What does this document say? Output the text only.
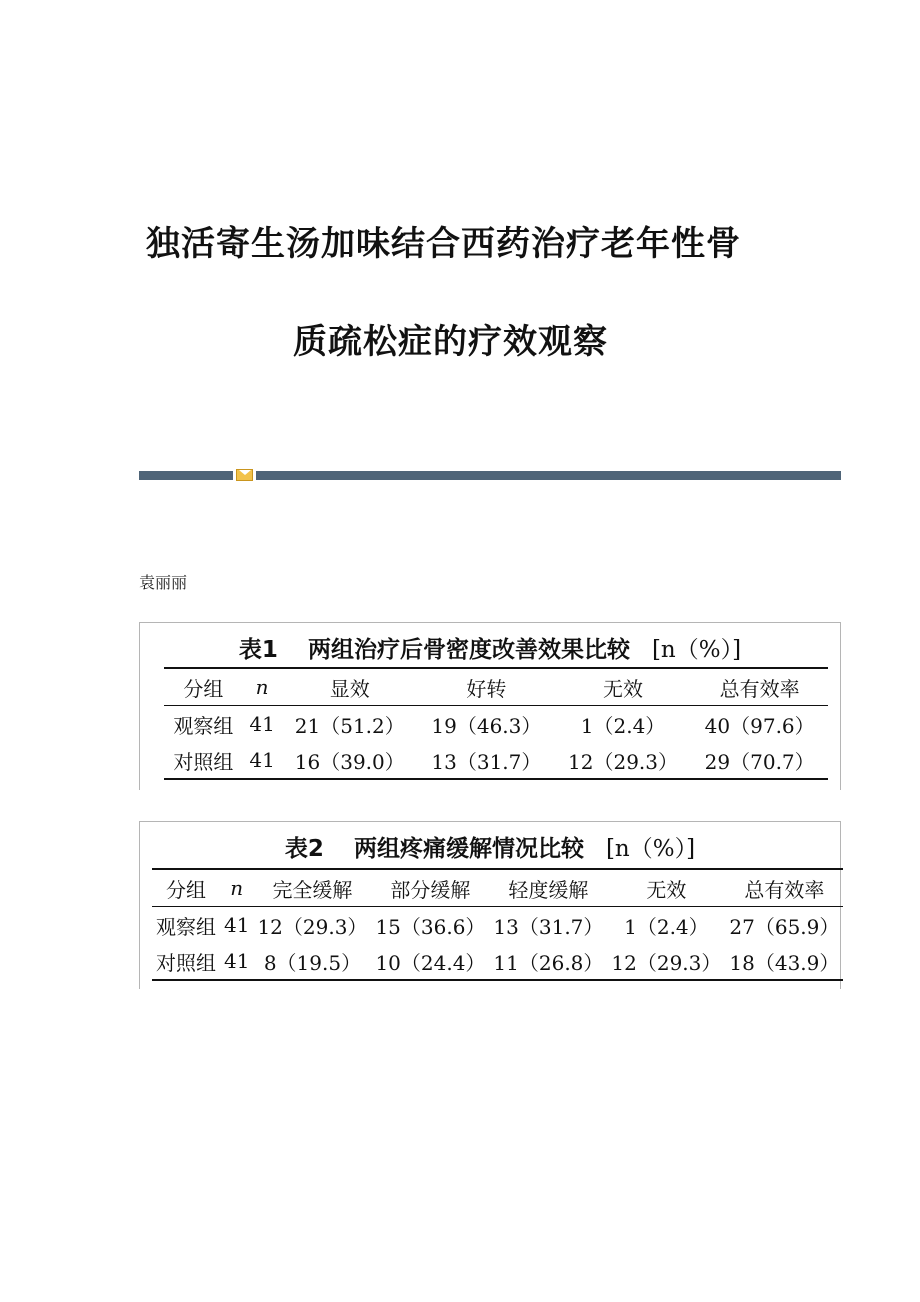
独活寄生汤加味结合西药治疗老年性骨
质疏松症的疗效观察
袁丽丽
表1 两组治疗后骨密度改善效果比较 [n（%）]
分组	n	显效	好转	无效	总有效率
观察组	41	21（51.2）	19（46.3）	1（2.4）	40（97.6）
对照组	41	16（39.0）	13（31.7）	12（29.3）	29（70.7）
表2 两组疼痛缓解情况比较 [n（%）]
分组	n	完全缓解	部分缓解	轻度缓解	无效	总有效率
观察组	41	12（29.3）	15（36.6）	13（31.7）	1（2.4）	27（65.9）
对照组	41	8（19.5）	10（24.4）	11（26.8）	12（29.3）	18（43.9）
